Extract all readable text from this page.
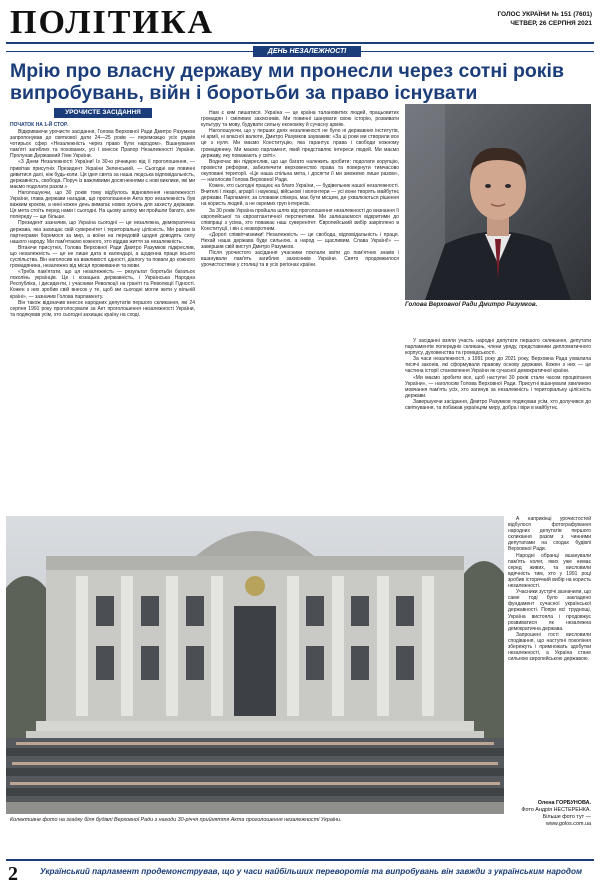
ПОЛІТИКА	ГОЛОС УКРАЇНИ № 151 (7601)
ЧЕТВЕР, 26 СЕРПНЯ 2021
ДЕНЬ НЕЗАЛЕЖНОСТІ
Мрію про власну державу ми пронесли через сотні років випробувань, війн і боротьби за право існувати
УРОЧИСТЕ ЗАСІДАННЯ
ПОЧАТОК НА 1-Й СТОР.

Відкриваючи урочисте засідання, Голова Верховної Ради Дмитро Разумков запропонував до святкової дати 24—25 років — переможцю усіх рядків чотирьох сфер «Незалежність через право бути народом». Вшанування пам'яті загиблих та похованих, усі і внесок Прапор Незалежності України. Пролунав Державний Гімн України.

«З Днем Незалежності України! Із 30-ю річницею від її проголошення, — привітав присутніх Президент України Зеленський. — Сьогодні ми повинні дивитися далі, ніж будь-коли. Ця ідея свята за наша людська відповідальність, державність, свобода. Поруч із важливими досягненнями є нові виклики, які ми маємо подолати разом.»

Наголошуючи, що 30 років тому відбулось відновлення незалежності України, глава держави нагадав, що проголошення Акта про незалежність був важким кроком, а нині кожен день вимагає нових зусиль для захисту держави. Ця мета стоїть перед нами і сьогодні. На цьому шляху ми пройшли багато, але попереду — ще більше.

Президент зазначив, що Україна сьогодні — це незалежна, демократична держава, яка захищає свій суверенітет і територіальну цілісність. Ми разом із партнерами боремося за мир, а воїни на передовій щодня доводять силу нашого народу. Ми пам'ятаємо кожного, хто віддав життя за незалежність.

Вітаючи присутніх, Голова Верховної Ради Дмитро Разумков підкреслив, що незалежність — це не лише дата в календарі, а щоденна праця всього суспільства. Він наголосив на важливості єдності, діалогу та поваги до кожного громадянина, незалежно від місця проживання та мови.

«Треба пам'ятати, що ця незалежність — результат боротьби багатьох поколінь українців. Це і козацька державність, і Українська Народна Республіка, і дисиденти, і учасники Революції на граніті та Революції Гідності. Кожен з них зробив свій внесок у те, щоб ми сьогодні могли жити у вільній країні», — зазначив Голова парламенту.

Він також відзначив внесок народних депутатів першого скликання, які 24 серпня 1991 року проголосували за Акт проголошення незалежності України, та подякував усім, хто сьогодні захищає країну на сході.

Нам є ким пишатися. Україна — це країна талановитих людей, працьовитих громадян і сміливих захисників. Ми повинні шанувати свою історію, розвивати культуру та мову, будувати сильну економіку й сучасну армію.

Наголошуючи, що у перших днях незалежності не було ні державних інститутів, ні армії, ні власної валюти, Дмитро Разумков зауважив: «За ці роки ми створили все це з нуля. Ми маємо Конституцію, яка гарантує права і свободи кожному громадянину. Ми маємо парламент, який представляє інтереси людей. Ми маємо державу, яку поважають у світі».

Водночас він підкреслив, що ще багато належить зробити: подолати корупцію, провести реформи, забезпечити верховенство права та повернути тимчасово окуповані території. «Це наша спільна мета, і досягти її ми зможемо лише разом», — наголосив Голова Верховної Ради.

Кожен, хто сьогодні працює на благо України, — будівельник нашої незалежності. Вчителі і лікарі, аграрії і науковці, військові і волонтери — усі вони творять майбутнє держави. Парламент, за словами спікера, має бути місцем, де ухвалюються рішення на користь людей, а не окремих груп інтересів.

За 30 років Україна пройшла шлях від проголошення незалежності до визнання її європейської та євроатлантичної перспективи. Ми залишаємося відкритими до співпраці з усіма, хто поважає наш суверенітет. Європейський вибір закріплено в Конституції, і він є незворотним.

«Дорогі співвітчизники! Незалежність — це свобода, відповідальність і праця. Нехай наша держава буде сильною, а народ — щасливим. Слава Україні!» — завершив свій виступ Дмитро Разумков.

Після урочистого засідання учасники поклали квіти до пам'ятних знаків і вшанували пам'ять загиблих захисників України. Свято продовжилося урочистостями у столиці та в усіх регіонах країни.

Голова Верховної Ради Дмитро Разумков.

У засіданні взяли участь народні депутати першого скликання, депутати парламентів попередніх скликань, члени уряду, представники дипломатичного корпусу, духовенства та громадськості.

За часи незалежності, з 1991 року до 2021 року, Верховна Рада ухвалила тисячі законів, які сформували правову основу держави. Кожен з них — це частина історії становлення України як сучасної демократичної країни.

«Ми маємо зробити все, щоб наступні 30 років стали часом процвітання України», — наголосив Голова Верховної Ради. Присутні вшанували хвилиною мовчання пам'ять усіх, хто загинув за незалежність і територіальну цілісність держави.

Завершуючи засідання, Дмитро Разумков подякував усім, хто долучився до святкування, та побажав українцям миру, добра і віри в майбутнє.

Колективне фото на згадку біля будівлі Верховної Ради з нагоди 30-річчя прийняття Акта проголошення незалежності України.

А наприкінці урочистостей відбулося фотографування народних депутатів першого скликання разом з чинними депутатами на сходах будівлі Верховної Ради.

Народні обранці вшанували пам'ять колег, яких уже немає серед живих, та висловили вдячність тим, хто у 1991 році зробив історичний вибір на користь незалежності.

Учасники зустрічі зазначили, що саме тоді було закладено фундамент сучасної української державності. Попри всі труднощі, Україна вистояла і продовжує розвиватися як незалежна демократична держава.

Запрошені гості висловили сподівання, що наступні покоління збережуть і примножать здобутки незалежності, а Україна стане сильною європейською державою.

Олена ГОРБУНОВА.
Фото Андрія НЕСТЕРЕНКА.
Більше фото тут —
www.golos.com.ua
2	Український парламент продемонстрував, що у часи найбільших переворотів та випробувань він завжди з українським народом
